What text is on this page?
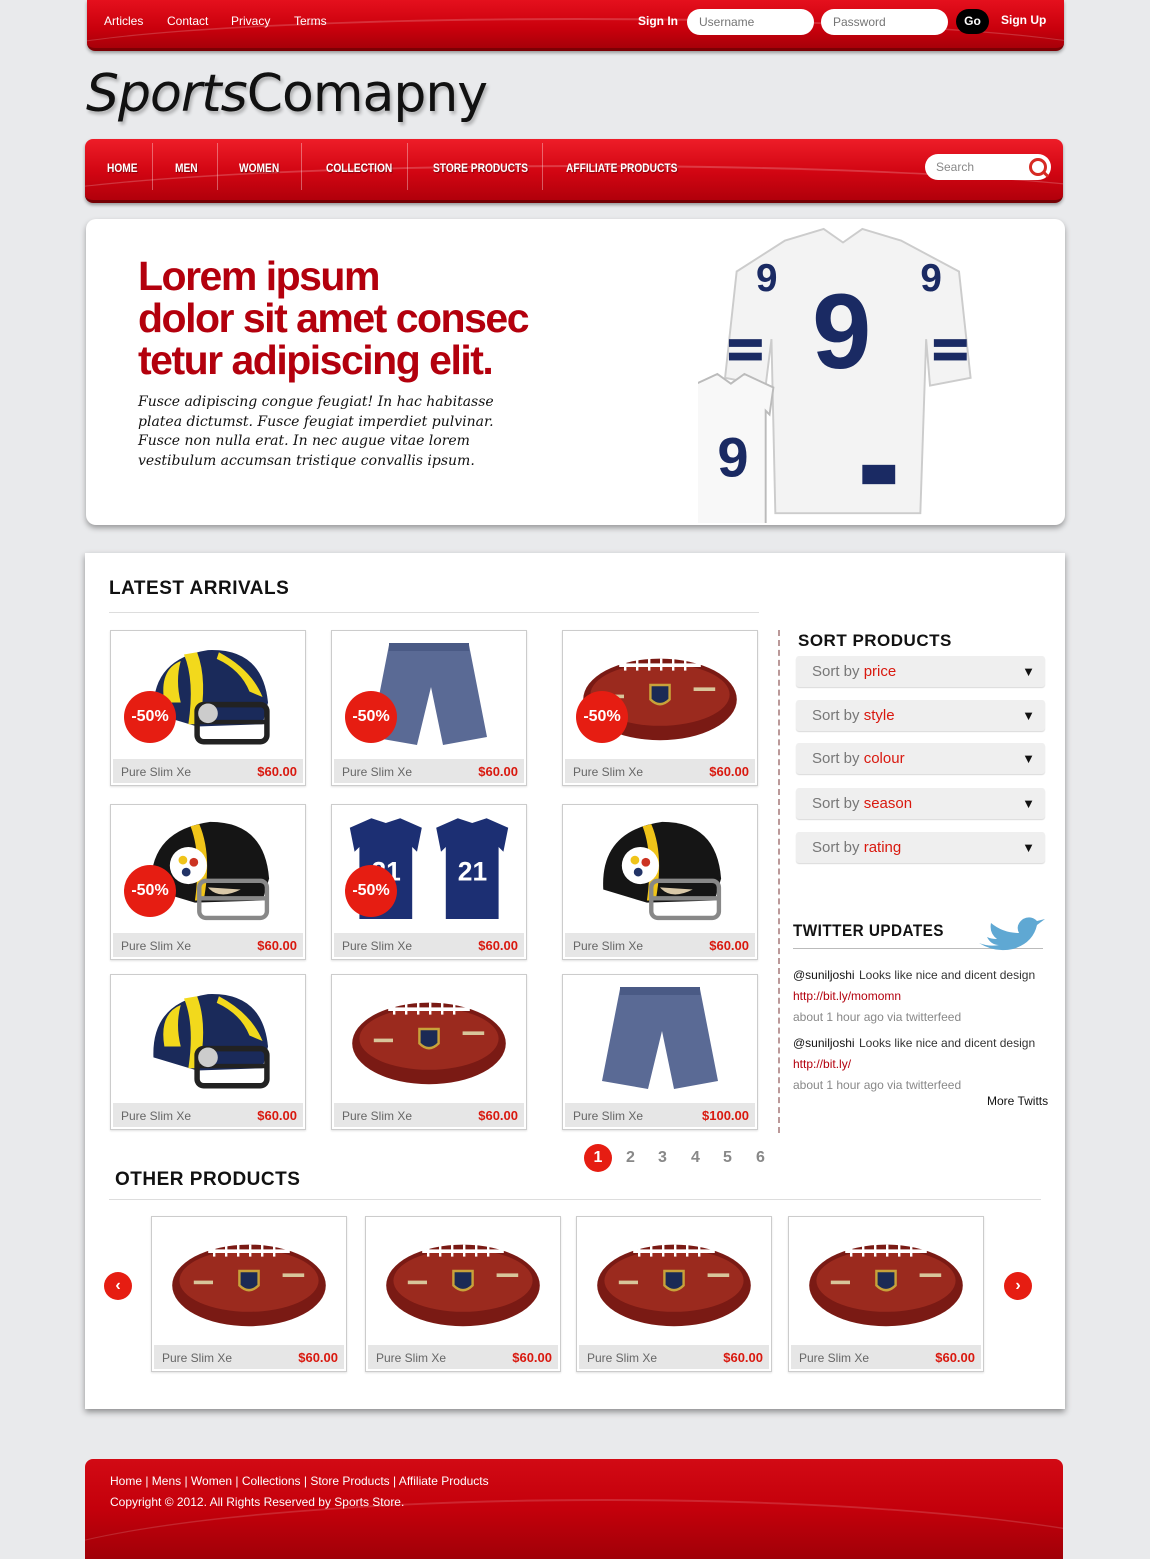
Articles Contact Privacy Terms	Sign In
Username
Password	Go	Sign Up
SportsComapny
HOME	MEN	WOMEN	COLLECTION	STORE PRODUCTS	AFFILIATE PRODUCTS	Search
Lorem ipsum
dolor sit amet consec
tetur adipiscing elit.
Fusce adipiscing congue feugiat! In hac habitasse platea dictumst. Fusce feugiat imperdiet pulvinar. Fusce non nulla erat. In nec augue vitae lorem vestibulum accumsan tristique convallis ipsum.
LATEST ARRIVALS
-50%
Pure Slim Xe	$60.00
-50%
Pure Slim Xe	$60.00
-50%
Pure Slim Xe	$60.00
-50%
Pure Slim Xe	$60.00
-50%
Pure Slim Xe	$60.00	Pure Slim Xe	$60.00
Pure Slim Xe	$60.00	Pure Slim Xe	$60.00	Pure Slim Xe	$100.00
1	2 3 4 5 6
SORT PRODUCTS
Sort by price	▼
Sort by style	▼
Sort by colour	▼
Sort by season	▼
Sort by rating	▼
TWITTER UPDATES
@suniljoshi Looks like nice and dicent design
http://bit.ly/momomn
about 1 hour ago via twitterfeed
@suniljoshi Looks like nice and dicent design
http://bit.ly/
about 1 hour ago via twitterfeed
More Twitts
OTHER PRODUCTS
‹	›
Pure Slim Xe	$60.00	Pure Slim Xe	$60.00	Pure Slim Xe	$60.00	Pure Slim Xe	$60.00
Home | Mens | Women | Collections | Store Products | Affiliate Products
Copyright © 2012. All Rights Reserved by Sports Store.
